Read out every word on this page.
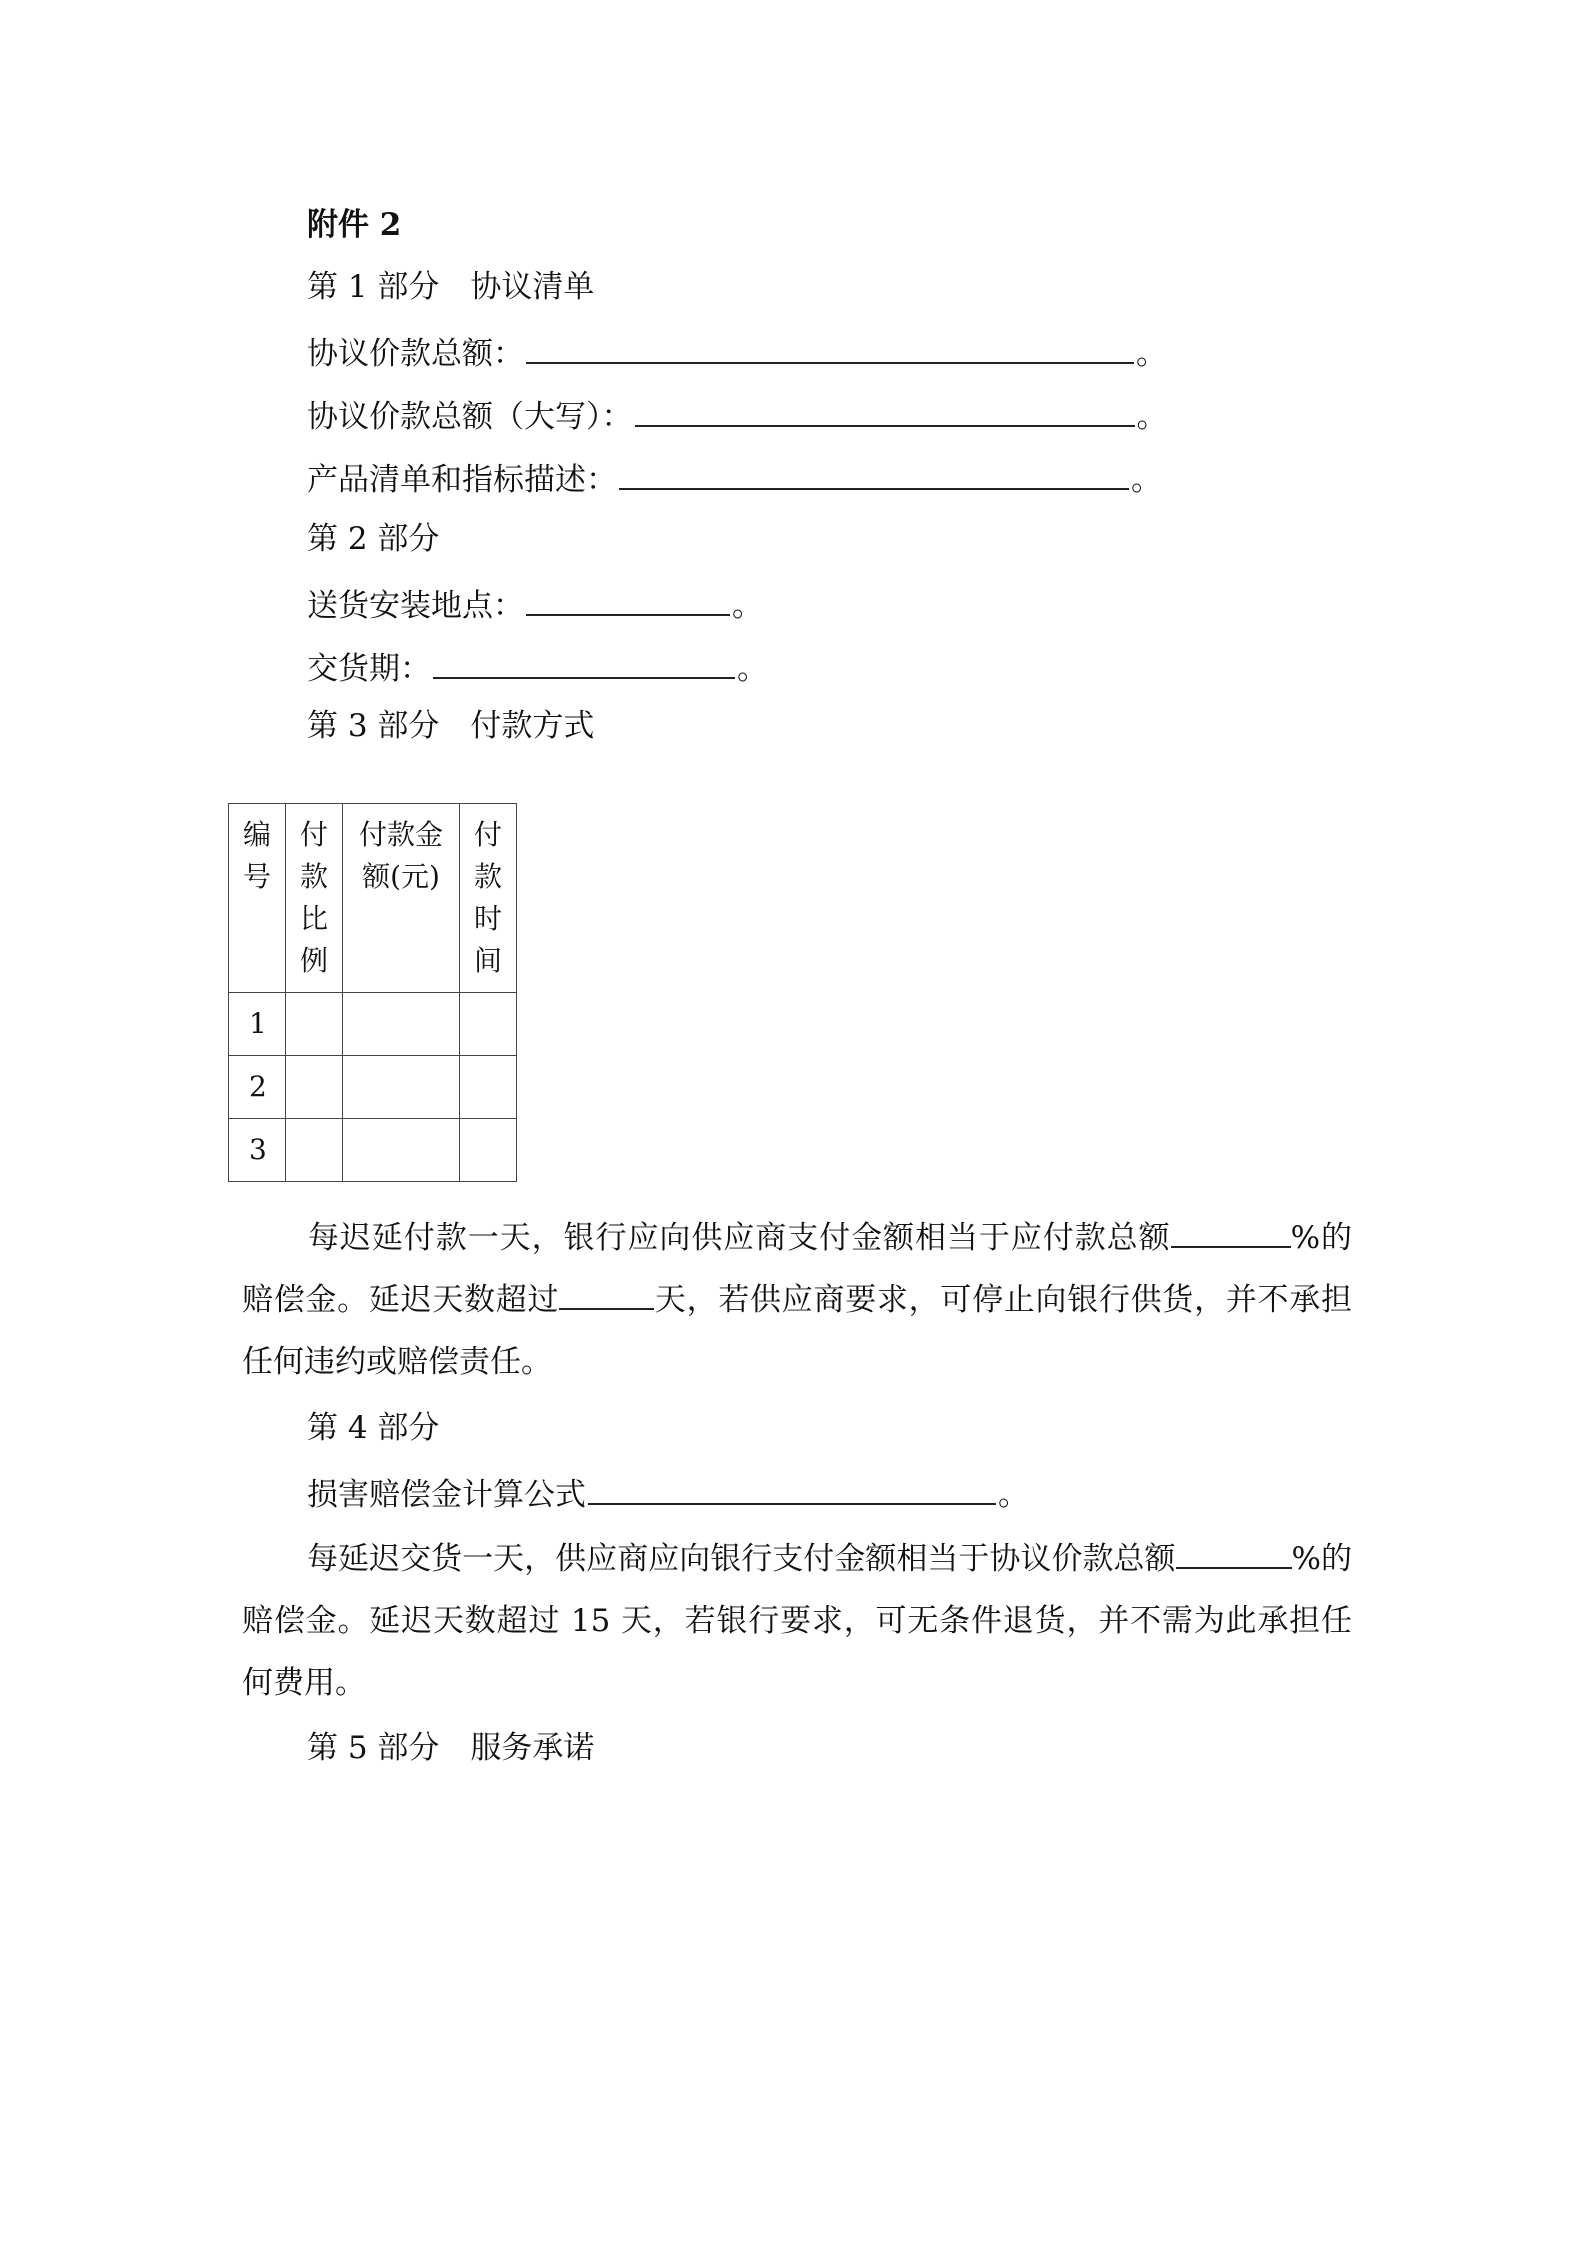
附件 2
第 1 部分　协议清单
协议价款总额：	。
协议价款总额（大写）：	。
产品清单和指标描述：	。
第 2 部分
送货安装地点：	。
交货期：	。
第 3 部分　付款方式
编号	付款比例	付款金额(元)	付款时间
1			
2			
3			
每迟延付款一天，银行应向供应商支付金额相当于应付款总额	%的赔偿金。延迟天数超过	天，若供应商要求，可停止向银行供货，并不承担任何违约或赔偿责任。
第 4 部分
损害赔偿金计算公式	。
每延迟交货一天，供应商应向银行支付金额相当于协议价款总额	%的赔偿金。延迟天数超过 15 天，若银行要求，可无条件退货，并不需为此承担任何费用。
第 5 部分　服务承诺
